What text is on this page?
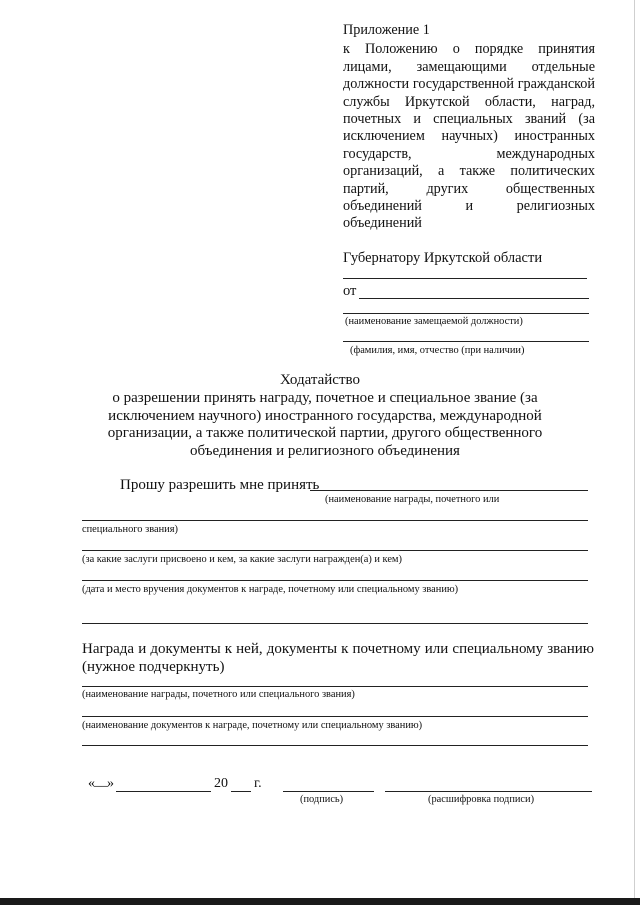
Приложение 1
к Положению о порядке принятия лицами, замещающими отдельные должности государственной гражданской службы Иркутской области, наград, почетных и специальных званий (за исключением научных) иностранных государств, международных организаций, а также политических партий, других общественных объединений и религиозных объединений
Губернатору Иркутской области
от
(наименование замещаемой должности)
(фамилия, имя, отчество (при наличии)
Ходатайство
о разрешении принять награду, почетное и специальное звание (за исключением научного) иностранного государства, международной организации, а также политической партии, другого общественного объединения и религиозного объединения
Прошу разрешить мне принять
(наименование награды, почетного или
специального звания)
(за какие заслуги присвоено и кем, за какие заслуги награжден(а) и кем)
(дата и место вручения документов к награде, почетному или специальному званию)
Награда и документы к ней, документы к почетному или специальному званию (нужное подчеркнуть)
(наименование награды, почетного или специального звания)
(наименование документов к награде, почетному или специальному званию)
« __ »	20 г.
(подпись)	(расшифровка подписи)
